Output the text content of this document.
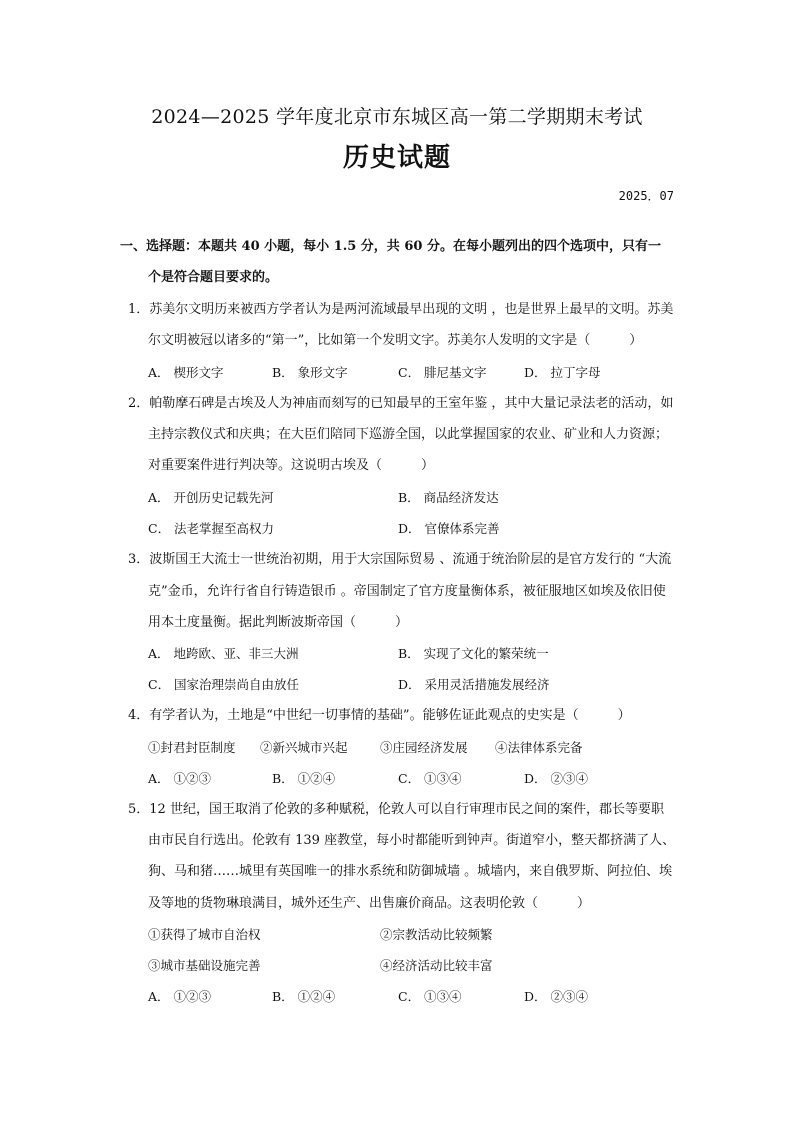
2024—2025 学年度北京市东城区高一第二学期期末考试
历史试题
2025．07
一、选择题：本题共 40 小题，每小 1.5 分，共 60 分。在每小题列出的四个选项中，只有一
个是符合题目要求的。
1．苏美尔文明历来被西方学者认为是两河流域最早出现的文明 ，也是世界上最早的文明。苏美
尔文明被冠以诸多的“第一”，比如第一个发明文字。苏美尔人发明的文字是（　　　）
A． 楔形文字	B． 象形文字	C． 腓尼基文字	D． 拉丁字母
2．帕勒摩石碑是古埃及人为神庙而刻写的已知最早的王室年鉴 ，其中大量记录法老的活动，如
主持宗教仪式和庆典；在大臣们陪同下巡游全国，以此掌握国家的农业、矿业和人力资源；
对重要案件进行判决等。这说明古埃及（　　　）
A． 开创历史记载先河	B． 商品经济发达
C． 法老掌握至高权力	D． 官僚体系完善
3．波斯国王大流士一世统治初期，用于大宗国际贸易 、流通于统治阶层的是官方发行的 “大流
克”金币，允许行省自行铸造银币 。帝国制定了官方度量衡体系，被征服地区如埃及依旧使
用本土度量衡。据此判断波斯帝国（　　　）
A． 地跨欧、亚、非三大洲	B． 实现了文化的繁荣统一
C． 国家治理崇尚自由放任	D． 采用灵活措施发展经济
4．有学者认为，土地是“中世纪一切事情的基础”。能够佐证此观点的史实是（　　　）
①封君封臣制度 ②新兴城市兴起	③庄园经济发展 ④法律体系完备
A． ①②③	B． ①②④	C． ①③④	D． ②③④
5．12 世纪，国王取消了伦敦的多种赋税，伦敦人可以自行审理市民之间的案件，郡长等要职
由市民自行选出。伦敦有 139 座教堂，每小时都能听到钟声。街道窄小，整天都挤满了人、
狗、马和猪……城里有英国唯一的排水系统和防御城墙 。城墙内，来自俄罗斯、阿拉伯、埃
及等地的货物琳琅满目，城外还生产、出售廉价商品。这表明伦敦（　　　）
①获得了城市自治权	②宗教活动比较频繁
③城市基础设施完善	④经济活动比较丰富
A． ①②③	B． ①②④	C． ①③④	D． ②③④
